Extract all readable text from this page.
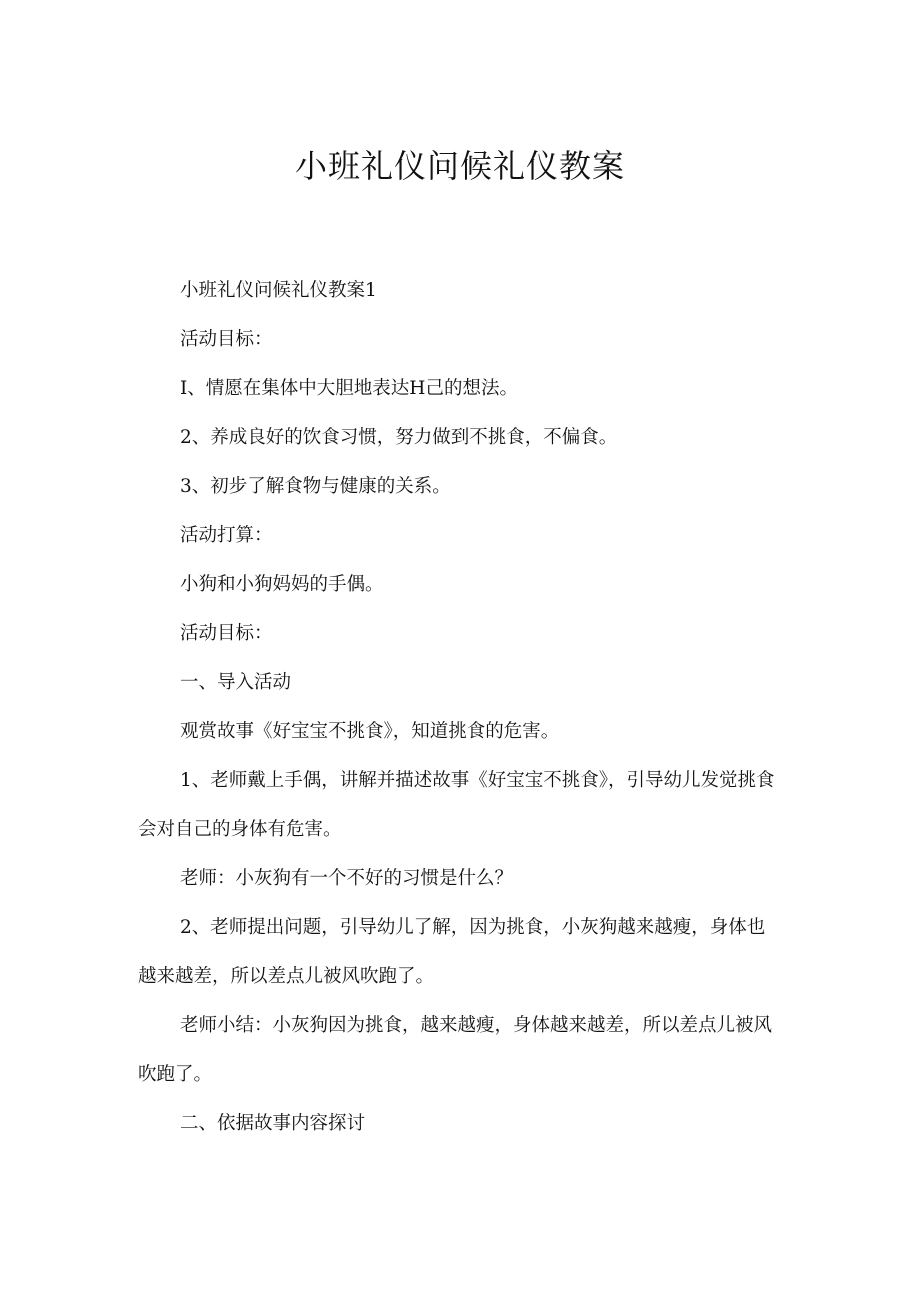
小班礼仪问候礼仪教案

小班礼仪问候礼仪教案1

活动目标：

I、情愿在集体中大胆地表达H己的想法。

2、养成良好的饮食习惯，努力做到不挑食，不偏食。

3、初步了解食物与健康的关系。

活动打算：

小狗和小狗妈妈的手偶。

活动目标：

一、导入活动

观赏故事《好宝宝不挑食》，知道挑食的危害。

1、老师戴上手偶，讲解并描述故事《好宝宝不挑食》，引导幼儿发觉挑食会对自己的身体有危害。

老师：小灰狗有一个不好的习惯是什么？

2、老师提出问题，引导幼儿了解，因为挑食，小灰狗越来越瘦，身体也越来越差，所以差点儿被风吹跑了。

老师小结：小灰狗因为挑食，越来越瘦，身体越来越差，所以差点儿被风吹跑了。

二、依据故事内容探讨
